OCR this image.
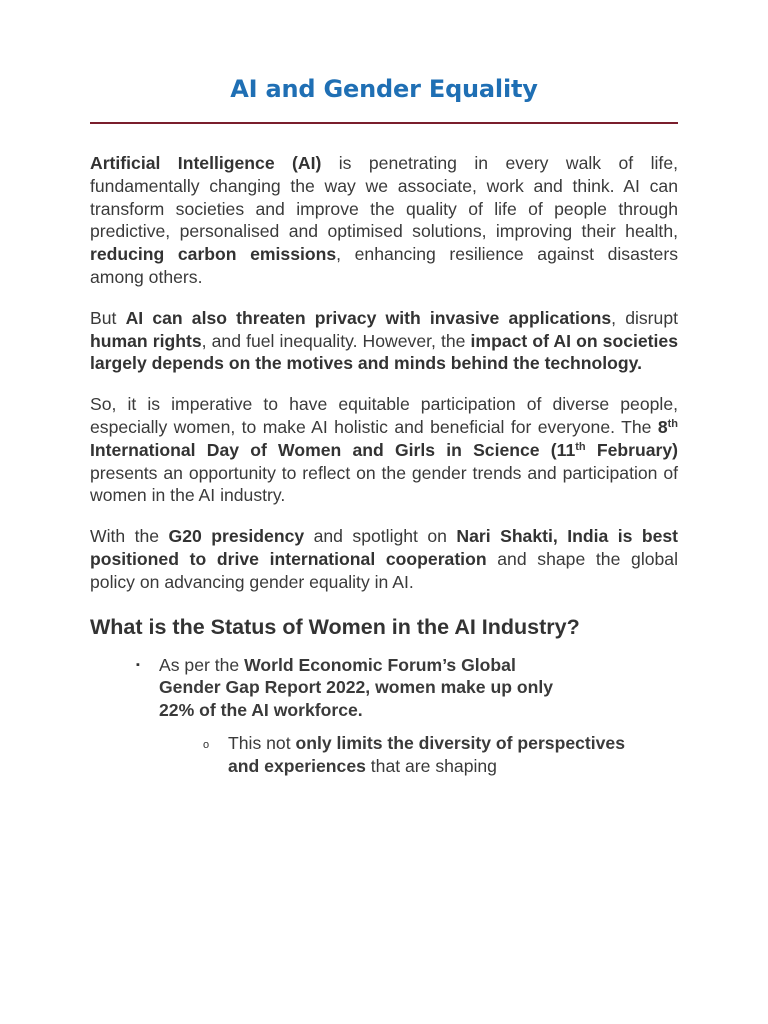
AI and Gender Equality

Artificial Intelligence (AI) is penetrating in every walk of life, fundamentally changing the way we associate, work and think. AI can transform societies and improve the quality of life of people through predictive, personalised and optimised solutions, improving their health, reducing carbon emissions, enhancing resilience against disasters among others.

But AI can also threaten privacy with invasive applications, disrupt human rights, and fuel inequality. However, the impact of AI on societies largely depends on the motives and minds behind the technology.

So, it is imperative to have equitable participation of diverse people, especially women, to make AI holistic and beneficial for everyone. The 8th International Day of Women and Girls in Science (11th February) presents an opportunity to reflect on the gender trends and participation of women in the AI industry.

With the G20 presidency and spotlight on Nari Shakti, India is best positioned to drive international cooperation and shape the global policy on advancing gender equality in AI.

What is the Status of Women in the AI Industry?
▪ As per the World Economic Forum’s Global Gender Gap Report 2022, women make up only 22% of the AI workforce.
o This not only limits the diversity of perspectives and experiences that are shaping
